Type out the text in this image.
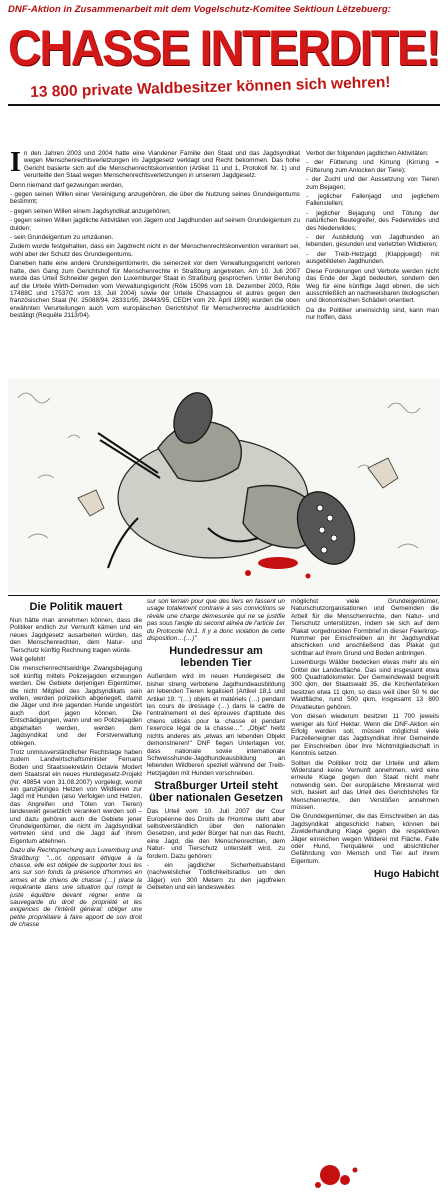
DNF-Aktion in Zusammenarbeit mit dem Vogelschutz-Komitee Sektioun Lëtzebuerg:
CHASSE INTERDITE!
13 800 private Waldbesitzer können sich wehren!
I n den Jahren 2003 und 2004 hatte eine Viandener Familie den Staat und das Jagdsyndikat wegen Menschenrechtsverletzungen im Jagdgesetz verklagt und Recht bekommen. Das hohe Gericht basierte sich auf die Menschenrechtskonvention (Artikel 11 und 1, Protokoll Nr. 1) und verurteilte den Staat wegen Menschenrechtsverletzungen in unserem Jagdgesetz.

Denn niemand darf gezwungen werden,

- gegen seinen Willen einer Vereinigung anzugehören, die über die Nutzung seines Grundeigentums bestimmt;

- gegen seinen Willen einem Jagdsyndikat anzugehören;

- gegen seinen Willen jagdliche Aktivitäten von Jägern und Jagdhunden auf seinem Grundeigentum zu dulden;

- sein Grundeigentum zu umzäunen.

Zudem wurde festgehalten, dass ein Jagdrecht nicht in der Menschenrechtskonvention verankert sei, wohl aber der Schutz des Grundeigentums.

Daneben hatte eine andere Grundeigentümerin, die seinerzeit vor dem Verwaltungsgericht verloren hatte, den Gang zum Gerichtshof für Menschenrechte in Straßburg angetreten. Am 10. Juli 2007 wurde das Urteil Schneider gegen den Luxemburger Staat in Straßburg gesprochen. Unter Berufung auf die Urteile Wirth-Derneden vom Verwaltungsgericht (Rôle 15096 vom 18. Dezember 2003, Rôle 17488C und 17537C vom 13. Juli 2004) sowie der Urteile Chassagnou et autres gegen den französischen Staat (Nr. 25088/94, 28331/95, 28443/95, CEDH vom 29. April 1999) wurden die oben erwähnten Verurteilungen auch vom europäischen Gerichtshof für Menschenrechte ausdrücklich bestätigt (Requête 2113/04).

Verbot der folgenden jagdlichen Aktivitäten:

- der Fütterung und Kirrung (Kirrung = Fütterung zum Anlocken der Tiere);

- der Zucht und der Aussetzung von Tieren zum Bejagen;

- jeglicher Fallenjagd und jeglichem Fallenstellen;

- jeglicher Bejagung und Tötung der natürlichen Beutegreifer, des Federwildes und des Niederwildes;

- der Ausbildung von Jagdhunden an lebenden, gesunden und verletzten Wildtieren;

- der Treib-Hetzjagd (Klappjuegd) mit ausgebildeten Jagdhunden.

Diese Forderungen und Verbote werden nicht das Ende der Jagd bedeuten, sondern den Weg für eine künftige Jagd ebnen, die sich ausschließlich an nachweisbaren ökologischen und ökonomischen Schäden orientiert.

Da die Politiker uneinsichtig sind, kann man nur hoffen, dass

Die Politik mauert

Nun hätte man annehmen können, dass die Politiker endlich zur Vernunft kämen und ein neues Jagdgesetz ausarbeiten würden, das den Menschenrechten, dem Natur- und Tierschutz künftig Rechnung tragen würde.

Weit gefehlt!

Die menschenrechtswidrige Zwangsbejagung soll künftig mittels Polizeijagden erzwungen werden. Die Gebiete derjenigen Eigentümer, die nicht Mitglied des Jagdsyndikats sein wollen, werden polizeilich abgeriegelt, damit die Jäger und ihre jagenden Hunde ungestört auch dort jagen können. Die Entschädigungen, wann und wo Polizeijagden abgehalten werden, werden dem Jagdsyndikat und der Forstverwaltung obliegen.

Trotz unmissverständlicher Rechtslage haben zudem Landwirtschaftsminister Fernand Boden und Staatssekretärin Octavie Modert dem Staatsrat ein neues Hundegesetz-Projekt (Nr. 49854 vom 31.08.2007) vorgelegt, womit ein ganzjähriges Hetzen von Wildtieren zur Jagd mit Hunden (also Verfolgen und Hetzen, das Angreifen und Töten von Tieren) landesweit gesetzlich verankert werden soll – und dazu gehören auch die Gebiete jener Grundeigentümer, die nicht im Jagdsyndikat vertreten sind und die Jagd auf ihrem Eigentum ablehnen.

Dazu die Rechtsprechung aus Luxemburg und Straßburg: "…or, opposant éthique à la chasse, elle est obligée de supporter tous les ans sur son fonds la présence d'hommes en armes et de chiens de chasse (…) place la requérante dans une situation qui rompt le juste équilibre devant régner entre la sauvegarde du droit de propriété et les exigences de l'intérêt général: obliger une petite propriétaire à faire apport de son droit de chasse

sur son terrain pour que des tiers en fassent un usage totalement contraire à ses convictions se révèle une charge démesurée qui ne se justifie pas sous l'angle du second alinéa de l'article 1er du Protocole Nr.1. Il y a donc violation de cette disposition…(…)"

Hundedressur am lebenden Tier

Außerdem wird im neuen Hundegesetz die bisher streng verbotene Jagdhundeausbildung an lebenden Tieren legalisiert (Artikel 18,1 und Artikel 19: "(…) objets et matériels (…) pendant les cours de dressage (…) dans le cadre de l'entraînement et des épreuves d'aptitude des chiens utilisés pour la chasse et pendant l'exercice légal de la chasse…". „Objet" heißt nichts anderes als „etwas am lebenden Objekt demonstrieren!" DNF fiegen Unterlagen vor, dass nationale sowie internationale Schweisshunde-Jagdhundeausbildung an lebenden Wildtieren speziell während der Treib-Hetzjagden mit Hunden vorschreiben.

Straßburger Urteil steht über nationalen Gesetzen

Das Urteil vom 10. Juli 2007 der Cour Européenne des Droits de l'Homme steht aber selbstverständlich über den nationalen Gesetzen, und jeder Bürger hat nun das Recht, eine Jagd, die den Menschenrechten, dem Natur- und Tierschutz unterstellt wird, zu fordern. Dazu gehören:

- ein jagdlicher Sicherheitsabstand (nachweislicher Tödlichkeitsradius um den Jäger) von 300 Metern zu den jagdfreien Gebieten und ein landesweites

möglichst viele Grundeigentümer, Naturschutzorganisationen und Gemeinden die Arbeit für die Menschenrechte, den Natur- und Tierschutz unterstützen, indem sie sich auf dem Plakat vorgedruckten Formbrief in dieser Feierkrop-Nummer per Einschreiben an ihr Jagdsyndikat abschicken und anschließend das Plakat gut sichtbar auf ihrem Grund und Boden anbringen.

Luxemburgs Wälder bedecken etwas mehr als ein Drittel der Landesfläche. Das sind insgesamt etwa 900 Quadratkilometer. Der Gemeindewald begreift 300 qkm, der Staatswald 35, die Kirchenfabriken besitzen etwa 11 qkm, so dass weit über 50 % der Waldfläche, rund 500 qkm, insgesamt 13 800 Privatleuten gehören.

Von diesen wiederum besitzen 11 700 jeweils weniger als fünf Hektar. Wenn die DNF-Aktion ein Erfolg werden soll, müssen möglichst viele Parzelleneigner das Jagdsyndikat ihrer Gemeinde per Einschreiben über ihre Nichtmitgliedschaft in Kenntnis setzen.

Sollten die Politiker trotz der Urteile und allem Widerstand keine Vernunft annehmen, wird eine erneute Klage gegen den Staat nicht mehr notwendig sein. Der europäische Ministerrat wird sich, basiert auf das Urteil des Gerichtshofes für Menschenrechte, den Verstößen annehmen müssen.

Die Grundeigentümer, die das Einschreiben an das Jagdsyndikat abgeschickt haben, können bei Zuwiderhandlung Klage gegen die respektiven Jäger einreichen wegen Wilderei mit Fläche, Falle oder Hund, Tierquälerei und absichtlicher Gefährdung von Mensch und Tier auf ihrem Eigentum.

Hugo Habicht
